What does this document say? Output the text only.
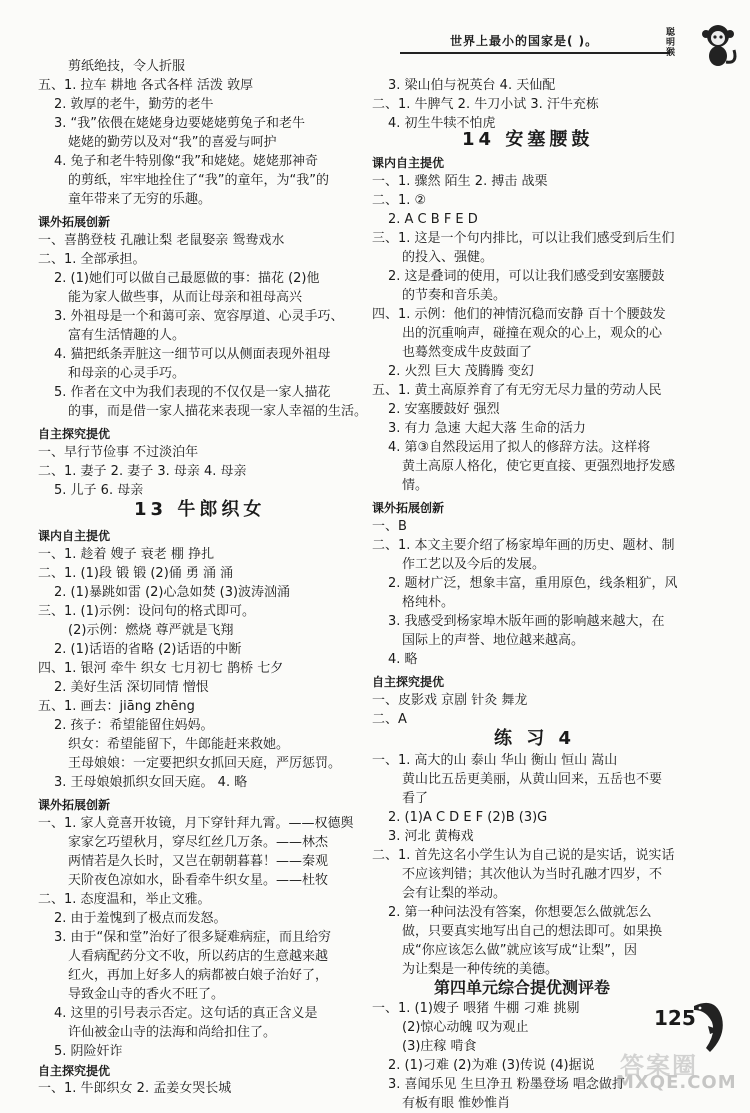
世界上最小的国家是( )。
聪明猴
剪纸绝技，令人折服
五、1. 拉车 耕地 各式各样 活泼 敦厚
2. 敦厚的老牛，勤劳的老牛
3. “我”依偎在姥姥身边要姥姥剪兔子和老牛
姥姥的勤劳以及对“我”的喜爱与呵护
4. 兔子和老牛特别像“我”和姥姥。姥姥那神奇
的剪纸，牢牢地拴住了“我”的童年，为“我”的
童年带来了无穷的乐趣。
课外拓展创新
一、喜鹊登枝 孔融让梨 老鼠娶亲 鸳鸯戏水
二、1. 全部承担。
2. (1)她们可以做自己最愿做的事：描花 (2)他
能为家人做些事，从而让母亲和祖母高兴
3. 外祖母是一个和蔼可亲、宽容厚道、心灵手巧、
富有生活情趣的人。
4. 猫把纸条弄脏这一细节可以从侧面表现外祖母
和母亲的心灵手巧。
5. 作者在文中为我们表现的不仅仅是一家人描花
的事，而是借一家人描花来表现一家人幸福的生活。
自主探究提优
一、早行节俭事 不过淡泊年
二、1. 妻子 2. 妻子 3. 母亲 4. 母亲
5. 儿子 6. 母亲
13 牛郎织女
课内自主提优
一、1. 趁着 嫂子 衰老 棚 挣扎
二、1. (1)段 锻 锻 (2)俑 勇 涌 涌
2. (1)暴跳如雷 (2)心急如焚 (3)波涛汹涌
三、1. (1)示例：设问句的格式即可。
(2)示例：燃烧 尊严就是飞翔
2. (1)话语的省略 (2)话语的中断
四、1. 银河 牵牛 织女 七月初七 鹊桥 七夕
2. 美好生活 深切同情 憎恨
五、1. 画去：jiāng zhēng
2. 孩子：希望能留住妈妈。
织女：希望能留下，牛郎能赶来救她。
王母娘娘：一定要把织女抓回天庭，严厉惩罚。
3. 王母娘娘抓织女回天庭。 4. 略
课外拓展创新
一、1. 家人竟喜开妆镜，月下穿针拜九霄。——权德舆
家家乞巧望秋月，穿尽红丝几万条。——林杰
两情若是久长时，又岂在朝朝暮暮！——秦观
天阶夜色凉如水，卧看牵牛织女星。——杜牧
二、1. 态度温和，举止文雅。
2. 由于羞愧到了极点而发怒。
3. 由于“保和堂”治好了很多疑难病症，而且给穷
人看病配药分文不收，所以药店的生意越来越
红火，再加上好多人的病都被白娘子治好了，
导致金山寺的香火不旺了。
4. 这里的引号表示否定。这句话的真正含义是
许仙被金山寺的法海和尚给扣住了。
5. 阴险奸诈
自主探究提优
一、1. 牛郎织女 2. 孟姜女哭长城
3. 梁山伯与祝英台 4. 天仙配
二、1. 牛脾气 2. 牛刀小试 3. 汗牛充栋
4. 初生牛犊不怕虎
14 安塞腰鼓
课内自主提优
一、1. 骤然 陌生 2. 搏击 战栗
二、1. ②
2. A C B F E D
三、1. 这是一个句内排比，可以让我们感受到后生们
的投入、强健。
2. 这是叠词的使用，可以让我们感受到安塞腰鼓
的节奏和音乐美。
四、1. 示例：他们的神情沉稳而安静 百十个腰鼓发
出的沉重响声，碰撞在观众的心上，观众的心
也蓦然变成牛皮鼓面了
2. 火烈 巨大 茂腾腾 变幻
五、1. 黄土高原养育了有无穷无尽力量的劳动人民
2. 安塞腰鼓好 强烈
3. 有力 急速 大起大落 生命的活力
4. 第③自然段运用了拟人的修辞方法。这样将
黄土高原人格化，使它更直接、更强烈地抒发感
情。
课外拓展创新
一、B
二、1. 本文主要介绍了杨家埠年画的历史、题材、制
作工艺以及今后的发展。
2. 题材广泛，想象丰富，重用原色，线条粗犷，风
格纯朴。
3. 我感受到杨家埠木版年画的影响越来越大，在
国际上的声誉、地位越来越高。
4. 略
自主探究提优
一、皮影戏 京剧 针灸 舞龙
二、A
练 习 4
一、1. 高大的山 泰山 华山 衡山 恒山 嵩山
黄山比五岳更美丽，从黄山回来，五岳也不要
看了
2. (1)A C D E F (2)B (3)G
3. 河北 黄梅戏
二、1. 首先这名小学生认为自己说的是实话，说实话
不应该判错；其次他认为当时孔融才四岁，不
会有让梨的举动。
2. 第一种问法没有答案，你想要怎么做就怎么
做，只要真实地写出自己的想法即可。如果换
成“你应该怎么做”就应该写成“让梨”，因
为让梨是一种传统的美德。
第四单元综合提优测评卷
一、1. (1)嫂子 喂猪 牛棚 刁难 挑剔
(2)惊心动魄 叹为观止
(3)庄稼 啃食
2. (1)刁难 (2)为难 (3)传说 (4)据说
3. 喜闻乐见 生旦净丑 粉墨登场 唱念做打
有板有眼 惟妙惟肖
125
答案圈
MXQE.COM
